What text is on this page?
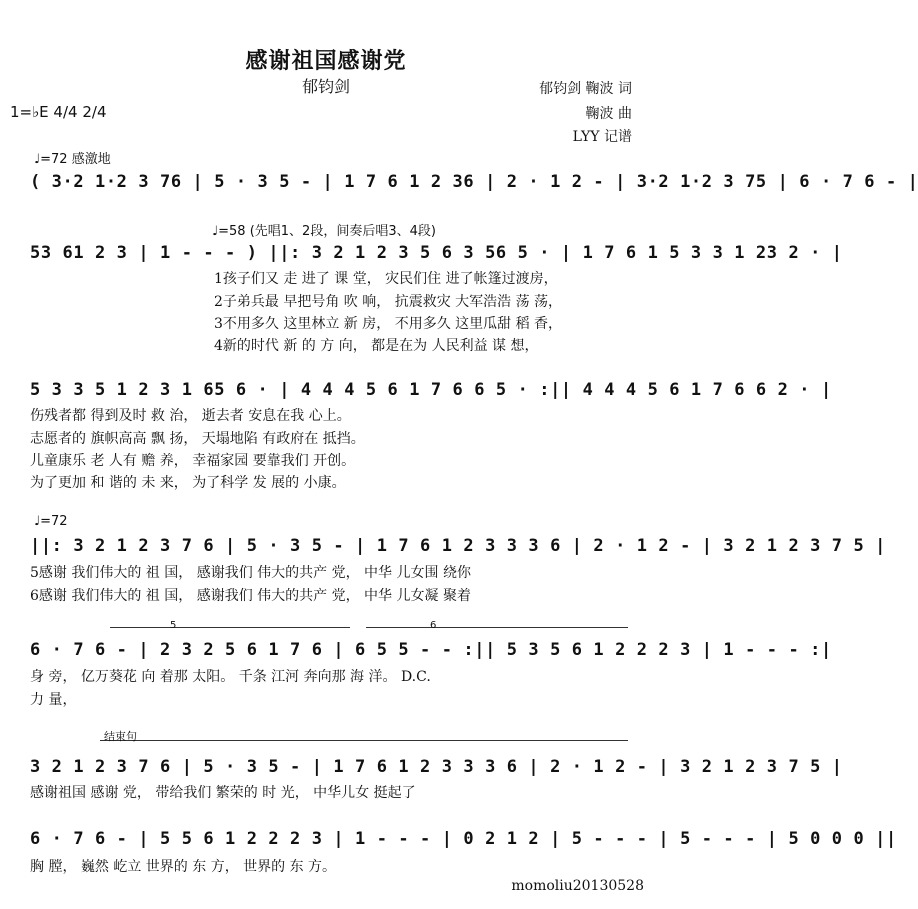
感谢祖国感谢党
郁钧剑	郁钧剑 鞠波 词
鞠波 曲
LYY 记谱
1=♭E 4/4 2/4
♩=72 感激地
( 3·2 1·2 3 76 | 5 · 3 5 - | 1 7 6 1 2 36 | 2 · 1 2 - | 3·2 1·2 3 75 | 6 · 7 6 - |
♩=58 (先唱1、2段，间奏后唱3、4段)
53 61 2 3 | 1 - - - ) ||: 3 2 1 2 3 5 6 3 56 5 · | 1 7 6 1 5 3 3 1 23 2 · |
1孩子们又 走 进了 课 堂， 灾民们住 进了帐篷过渡房，
2子弟兵最 早把号角 吹 响， 抗震救灾 大军浩浩 荡 荡，
3不用多久 这里林立 新 房， 不用多久 这里瓜甜 稻 香，
4新的时代 新 的 方 向， 都是在为 人民利益 谋 想，
5 3 3 5 1 2 3 1 65 6 · | 4 4 4 5 6 1 7 6 6 5 · :|| 4 4 4 5 6 1 7 6 6 2 · |
伤残者都 得到及时 救 治， 逝去者 安息在我 心上。
志愿者的 旗帜高高 飘 扬， 天塌地陷 有政府在 抵挡。
儿童康乐 老 人有 赡 养， 幸福家园 要靠我们 开创。
为了更加 和 谐的 未 来， 为了科学 发 展的 小康。
♩=72
||: 3 2 1 2 3 7 6 | 5 · 3 5 - | 1 7 6 1 2 3 3 3 6 | 2 · 1 2 - | 3 2 1 2 3 7 5 |
5感谢 我们伟大的 祖 国， 感谢我们 伟大的共产 党， 中华 儿女围 绕你
6感谢 我们伟大的 祖 国， 感谢我们 伟大的共产 党， 中华 儿女凝 聚着
5	6
6 · 7 6 - | 2 3 2 5 6 1 7 6 | 6 5 5 - - :|| 5 3 5 6 1 2 2 2 3 | 1 - - - :|
身 旁， 亿万葵花 向 着那 太阳。 千条 江河 奔向那 海 洋。 D.C.
力 量，
结束句
3 2 1 2 3 7 6 | 5 · 3 5 - | 1 7 6 1 2 3 3 3 6 | 2 · 1 2 - | 3 2 1 2 3 7 5 |
感谢祖国 感谢 党， 带给我们 繁荣的 时 光， 中华儿女 挺起了
6 · 7 6 - | 5 5 6 1 2 2 2 3 | 1 - - - | 0 2 1 2 | 5 - - - | 5 - - - | 5 0 0 0 ||
胸 膛， 巍然 屹立 世界的 东 方， 世界的 东 方。
momoliu20130528
